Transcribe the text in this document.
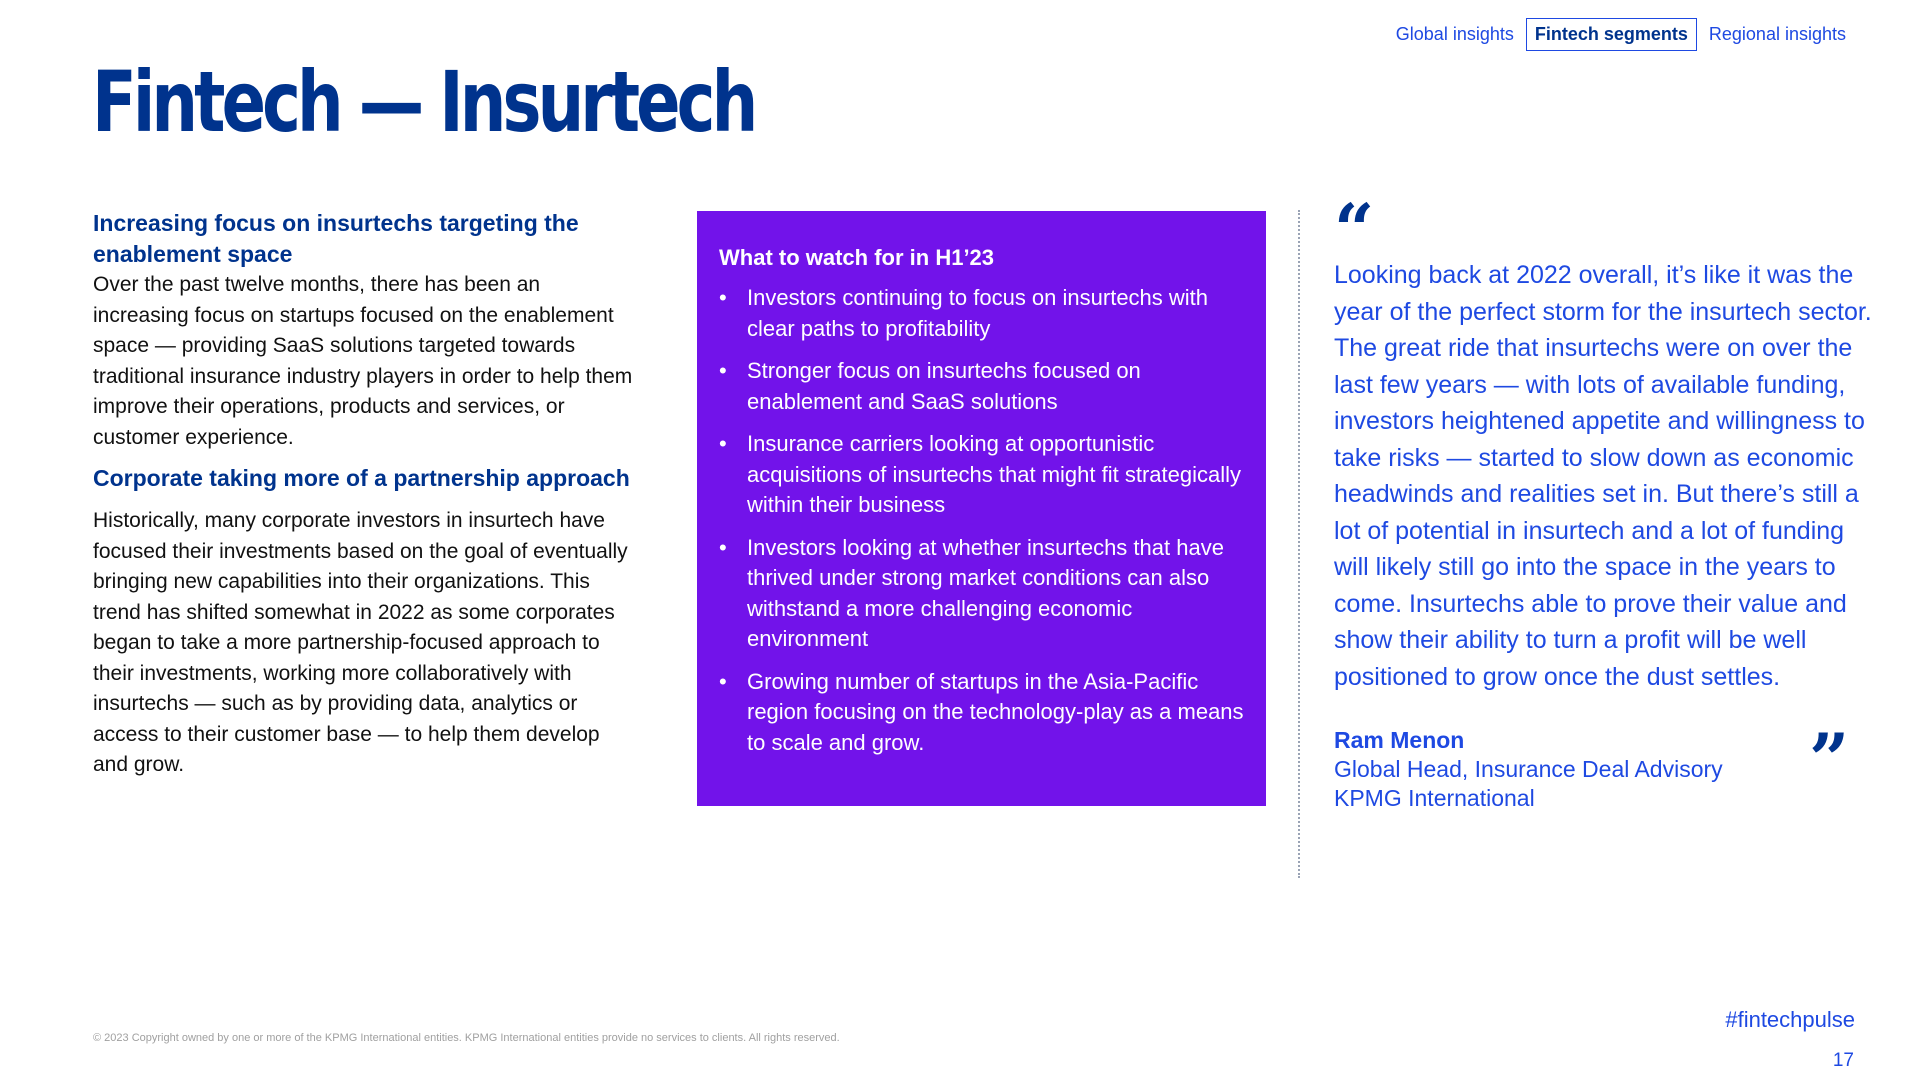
Global insights	Fintech segments	Regional insights
Fintech — Insurtech
Increasing focus on insurtechs targeting the enablement space

Over the past twelve months, there has been an increasing focus on startups focused on the enablement space — providing SaaS solutions targeted towards traditional insurance industry players in order to help them improve their operations, products and services, or customer experience.

Corporate taking more of a partnership approach

Historically, many corporate investors in insurtech have focused their investments based on the goal of eventually bringing new capabilities into their organizations. This trend has shifted somewhat in 2022 as some corporates began to take a more partnership-focused approach to their investments, working more collaboratively with insurtechs — such as by providing data, analytics or access to their customer base — to help them develop and grow.

What to watch for in H1’23
• Investors continuing to focus on insurtechs with clear paths to profitability
• Stronger focus on insurtechs focused on enablement and SaaS solutions
• Insurance carriers looking at opportunistic acquisitions of insurtechs that might fit strategically within their business
• Investors looking at whether insurtechs that have thrived under strong market conditions can also withstand a more challenging economic environment
• Growing number of startups in the Asia-Pacific region focusing on the technology-play as a means to scale and grow.
“

Looking back at 2022 overall, it’s like it was the year of the perfect storm for the insurtech sector. The great ride that insurtechs were on over the last few years — with lots of available funding, investors heightened appetite and willingness to take risks — started to slow down as economic headwinds and realities set in. But there’s still a lot of potential in insurtech and a lot of funding will likely still go into the space in the years to come. Insurtechs able to prove their value and show their ability to turn a profit will be well positioned to grow once the dust settles.

”
Ram Menon
Global Head, Insurance Deal Advisory
KPMG International
#fintechpulse
© 2023 Copyright owned by one or more of the KPMG International entities. KPMG International entities provide no services to clients. All rights reserved.
17
